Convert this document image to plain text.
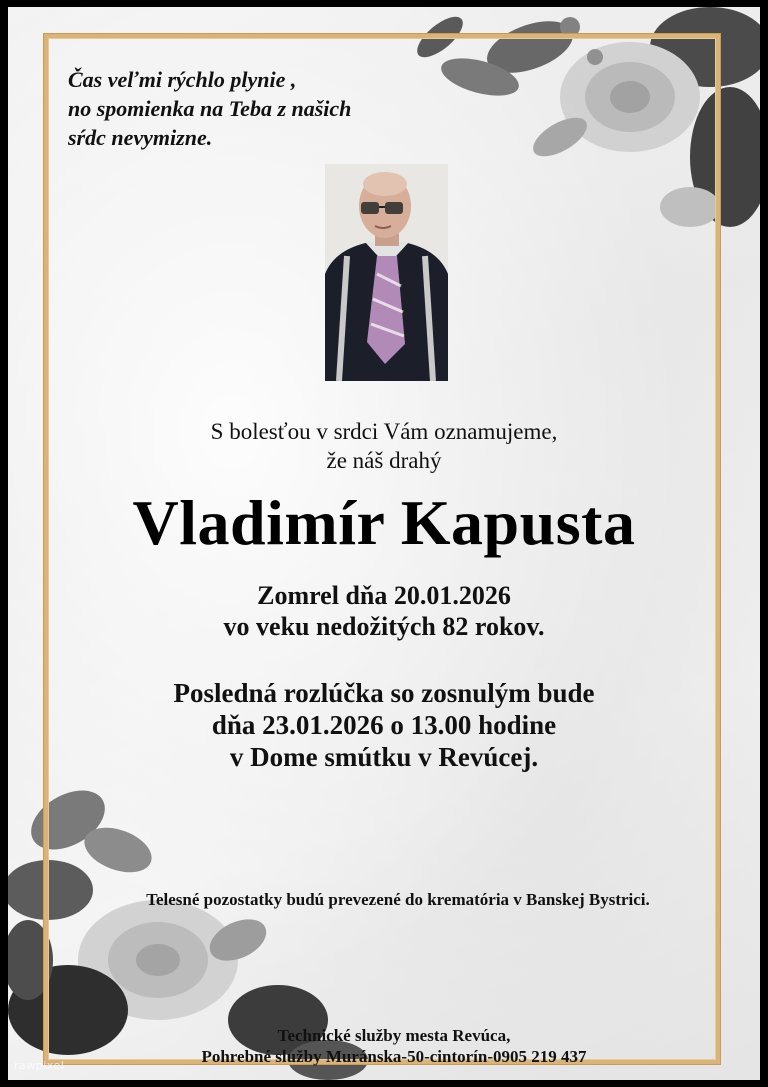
Čas veľmi rýchlo plynie ,
no spomienka na Teba z našich
sŕdc nevymizne.
S bolesťou v srdci Vám oznamujeme,
že náš drahý
Vladimír Kapusta
Zomrel dňa 20.01.2026
vo veku nedožitých 82 rokov.
Posledná rozlúčka so zosnulým bude
dňa 23.01.2026 o 13.00 hodine
v Dome smútku v Revúcej.
Telesné pozostatky budú prevezené do krematória v Banskej Bystrici.
Technické služby mesta Revúca,
Pohrebné služby Muránska-50-cintorín-0905 219 437
rawpixel
